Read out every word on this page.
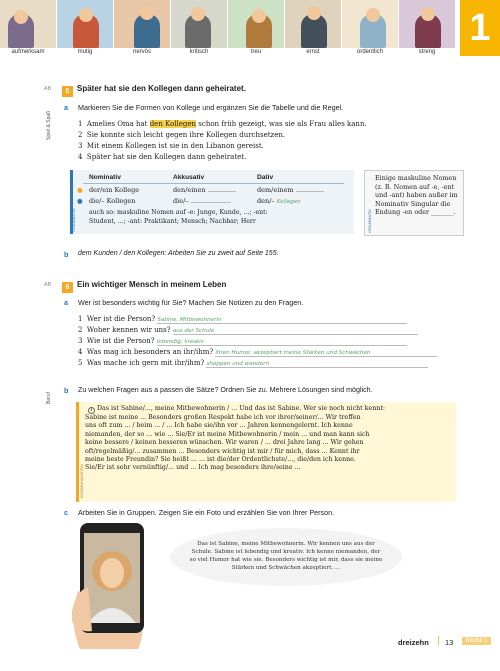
aufmerksam	mutig	nervös	kritisch	treu	ernst	ordentlich	streng
1
AB	5 Später hat sie den Kollegen dann geheiratet.
Spiel & Spaß
a Markieren Sie die Formen von Kollege und ergänzen Sie die Tabelle und die Regel.
1 Amelies Oma hat den Kollegen schon früh gezeigt, was sie als Frau alles kann.
2 Sie konnte sich leicht gegen ihre Kollegen durchsetzen.
3 Mit einem Kollegen ist sie in den Libanon gereist.
4 Später hat sie den Kollegen dann geheiratet.
Nominativ	Akkusativ	Dativ
● der/ein Kollege	den/einen	dem/einem
● die/– Kollegen	die/–	den/– Kollegen
auch so: maskuline Nomen auf -e: Junge, Kunde, ...; -ent:
Student, ...; -ant: Praktikant; Mensch; Nachbar; Herr
GRAMMATIK
Einige maskuline Nomen (z. B. Nomen auf -e, -ent und -ant) haben außer im Nominativ Singular die Endung -en oder _______.
GRAMMATIK
b dem Kunden / den Kollegen: Arbeiten Sie zu zweit auf Seite 155.
AB	6 Ein wichtiger Mensch in meinem Leben
a Wer ist besonders wichtig für Sie? Machen Sie Notizen zu den Fragen.
1 Wer ist die Person? Sabine, Mitbewohnerin
2 Woher kennen wir uns? aus der Schule
3 Wie ist die Person? lebendig, kreativ
4 Was mag ich besonders an ihr/ihm? ihren Humor, akzeptiert meine Stärken und Schwächen
5 Was mache ich gern mit ihr/ihm? shoppen und wandern
Beruf
b Zu welchen Fragen aus a passen die Sätze? Ordnen Sie zu. Mehrere Lösungen sind möglich.
1 Das ist Sabine/..., meine Mitbewohnerin / ... Und das ist Sabine. Wer sie noch nicht kennt:
Sabine ist meine ... Besonders großen Respekt habe ich vor ihrer/seiner/... Wir treffen
uns oft zum ... / beim ... / ... Ich habe sie/ihn vor ... Jahren kennengelernt. Ich kenne
niemanden, der so ... wie ... Sie/Er ist meine Mitbewohnerin / mein ... und man kann sich
keine bessere / keinen besseren wünschen. Wir waren / ... drei Jahre lang ... Wir gehen
oft/regelmäßig/... zusammen ... Besonders wichtig ist mir / für mich, dass ... Kennt ihr
meine beste Freundin? Sie heißt ... ... ist die/der Ordentlichste/..., die/den ich kenne.
Sie/Er ist sehr vernünftig/... und ... Ich mag besonders ihre/seine ...
KOMMUNIKATION
c Arbeiten Sie in Gruppen. Zeigen Sie ein Foto und erzählen Sie von Ihrer Person.
Das ist Sabine, meine Mitbewohnerin. Wir kennen uns aus der Schule. Sabine ist lebendig und kreativ. Ich kenne niemanden, der so viel Humor hat wie sie. Besonders wichtig ist mir, dass sie meine Stärken und Schwächen akzeptiert. ...
dreizehn | 13	Modul 1
